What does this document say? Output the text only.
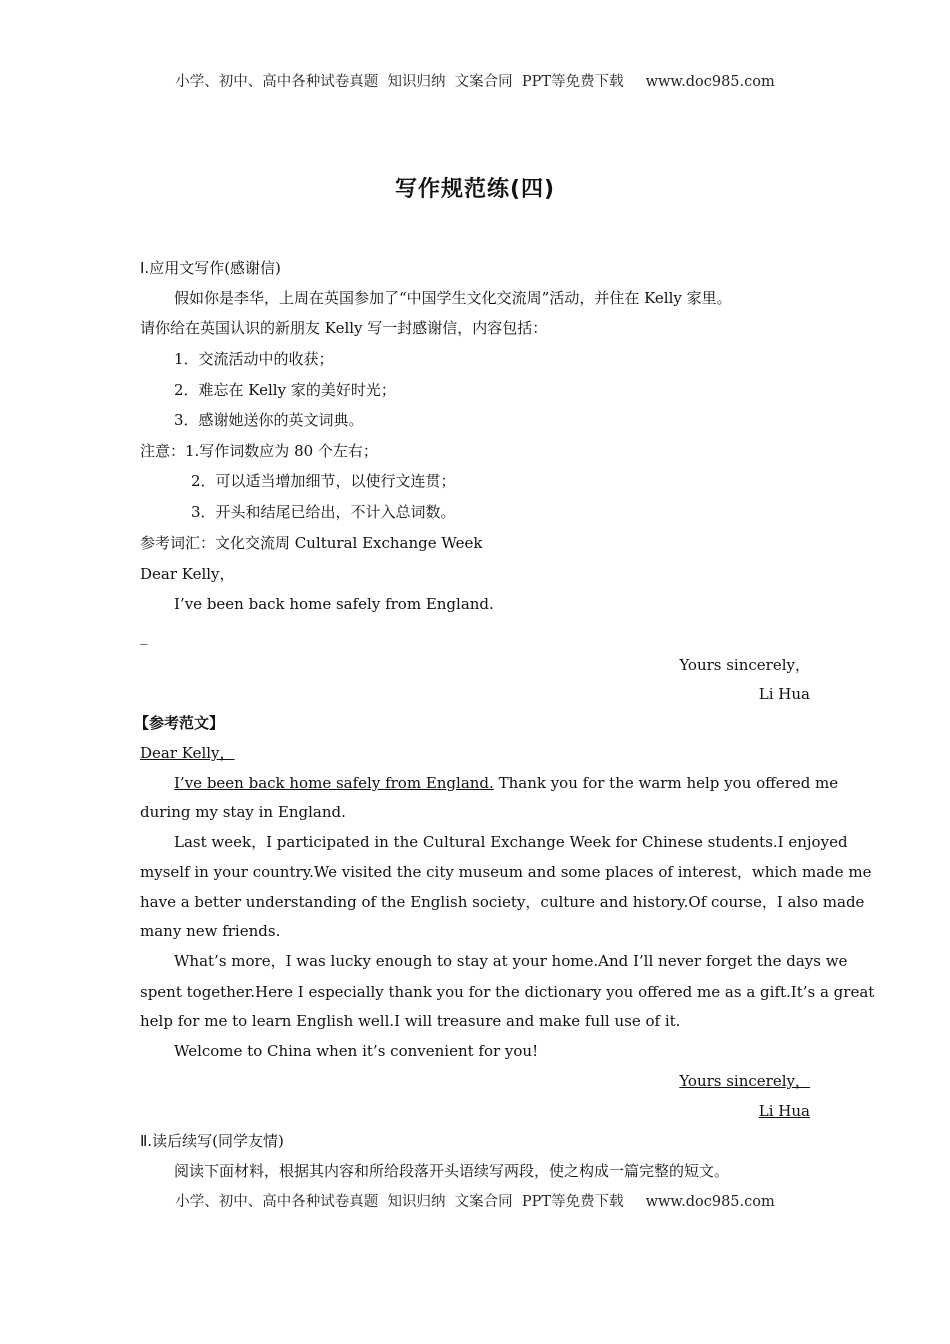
小学、初中、高中各种试卷真题  知识归纳  文案合同  PPT等免费下载 www.doc985.com
写作规范练(四)
Ⅰ.应用文写作(感谢信)
假如你是李华，上周在英国参加了“中国学生文化交流周”活动，并住在 Kelly 家里。
请你给在英国认识的新朋友 Kelly 写一封感谢信，内容包括：
1．交流活动中的收获；
2．难忘在 Kelly 家的美好时光；
3．感谢她送你的英文词典。
注意：1.写作词数应为 80 个左右；
2．可以适当增加细节，以使行文连贯；
3．开头和结尾已给出，不计入总词数。
参考词汇：文化交流周 Cultural Exchange Week
Dear Kelly，
I’ve been back home safely from England.
_
Yours sincerely，
Li Hua
【参考范文】
Dear Kelly，
I’ve been back home safely from England. Thank you for the warm help you offered me
during my stay in England.
Last week，I participated in the Cultural Exchange Week for Chinese students.I enjoyed
myself in your country.We visited the city museum and some places of interest，which made me
have a better understanding of the English society，culture and history.Of course，I also made
many new friends.
What’s more，I was lucky enough to stay at your home.And I’ll never forget the days we
spent together.Here I especially thank you for the dictionary you offered me as a gift.It’s a great
help for me to learn English well.I will treasure and make full use of it.
Welcome to China when it’s convenient for you!
Yours sincerely，
Li Hua
Ⅱ.读后续写(同学友情)
阅读下面材料，根据其内容和所给段落开头语续写两段，使之构成一篇完整的短文。
小学、初中、高中各种试卷真题  知识归纳  文案合同  PPT等免费下载 www.doc985.com
